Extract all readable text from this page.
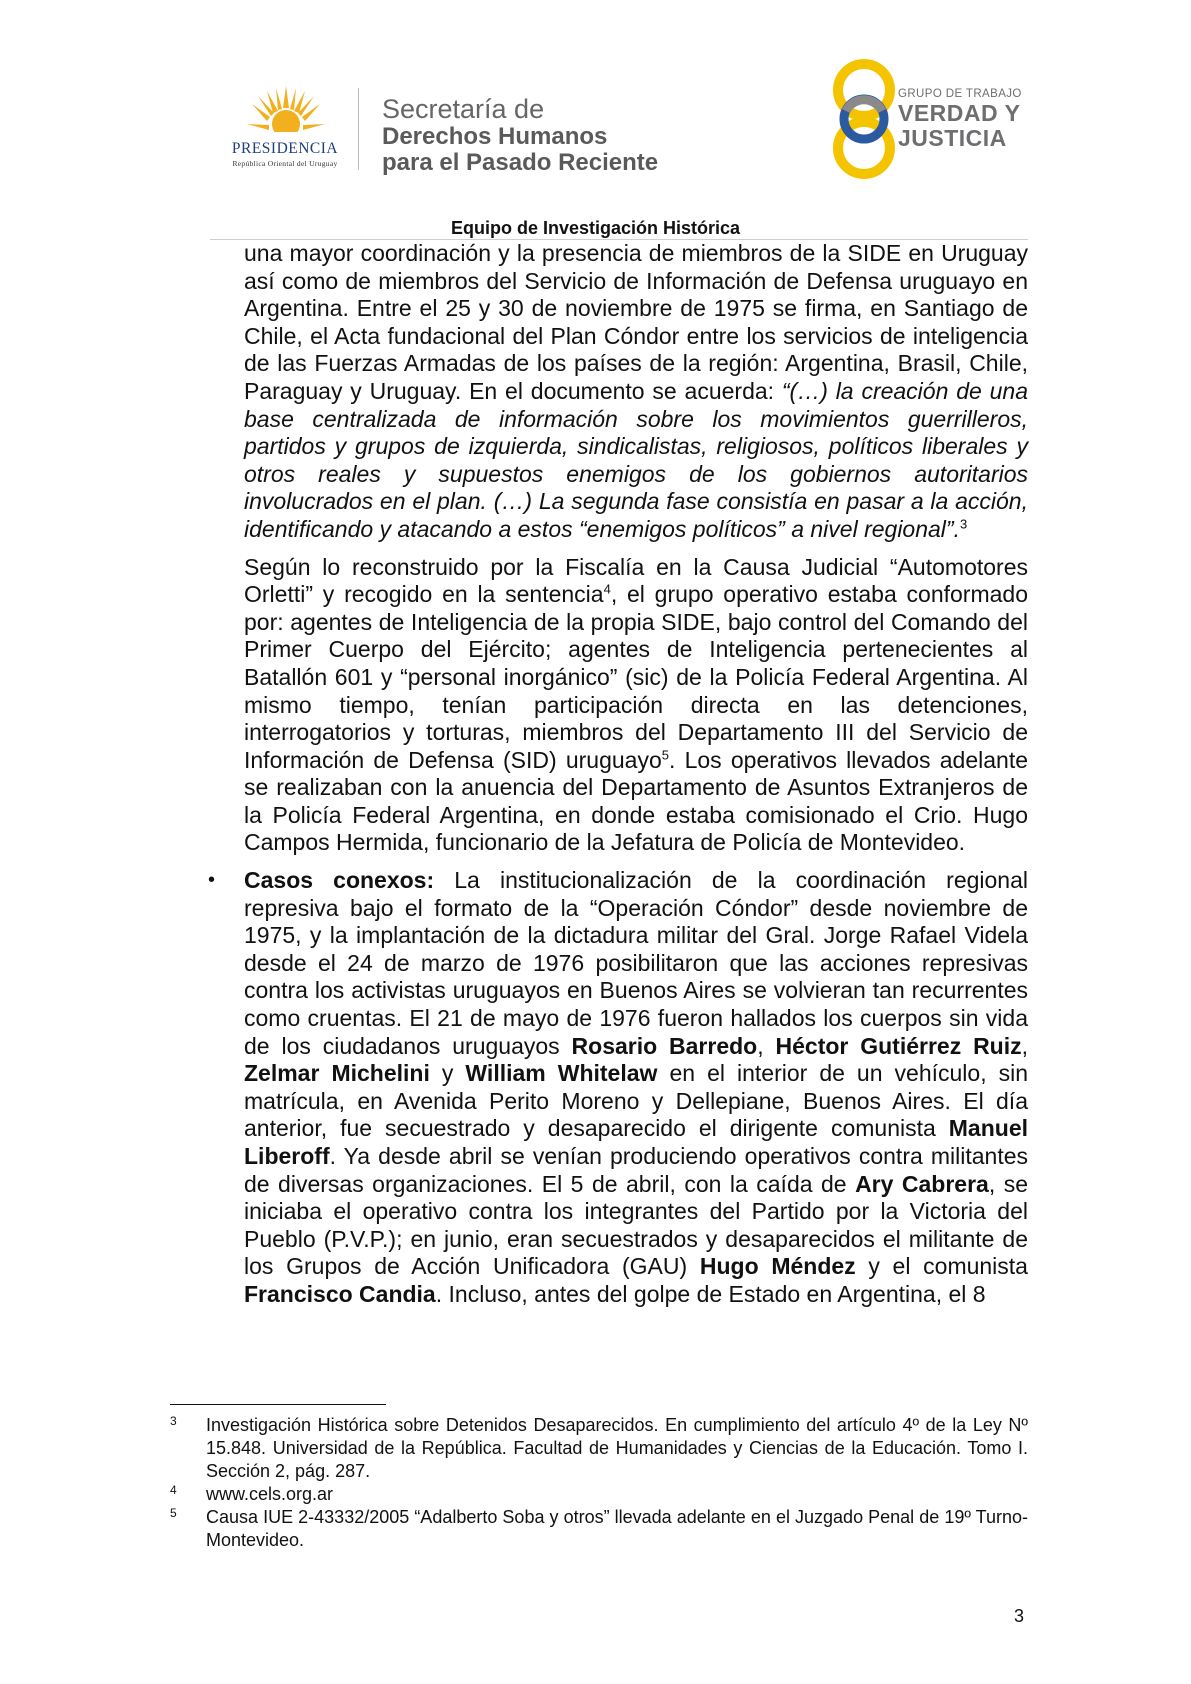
PRESIDENCIA
República Oriental del Uruguay
Secretaría de
Derechos Humanos
para el Pasado Reciente
GRUPO DE TRABAJO
VERDAD Y
JUSTICIA
Equipo de Investigación Histórica

una mayor coordinación y la presencia de miembros de la SIDE en Uruguay así como de miembros del Servicio de Información de Defensa uruguayo en Argentina. Entre el 25 y 30 de noviembre de 1975 se firma, en Santiago de Chile, el Acta fundacional del Plan Cóndor entre los servicios de inteligencia de las Fuerzas Armadas de los países de la región: Argentina, Brasil, Chile, Paraguay y Uruguay. En el documento se acuerda: “(…) la creación de una base centralizada de información sobre los movimientos guerrilleros, partidos y grupos de izquierda, sindicalistas, religiosos, políticos liberales y otros reales y supuestos enemigos de los gobiernos autoritarios involucrados en el plan. (…) La segunda fase consistía en pasar a la acción, identificando y atacando a estos “enemigos políticos” a nivel regional”.$^3$

Según lo reconstruido por la Fiscalía en la Causa Judicial “Automotores Orletti” y recogido en la sentencia$^4$, el grupo operativo estaba conformado por: agentes de Inteligencia de la propia SIDE, bajo control del Comando del Primer Cuerpo del Ejército; agentes de Inteligencia pertenecientes al Batallón 601 y “personal inorgánico” (sic) de la Policía Federal Argentina. Al mismo tiempo, tenían participación directa en las detenciones, interrogatorios y torturas, miembros del Departamento III del Servicio de Información de Defensa (SID) uruguayo$^5$. Los operativos llevados adelante se realizaban con la anuencia del Departamento de Asuntos Extranjeros de la Policía Federal Argentina, en donde estaba comisionado el Crio. Hugo Campos Hermida, funcionario de la Jefatura de Policía de Montevideo.

• Casos conexos: La institucionalización de la coordinación regional represiva bajo el formato de la “Operación Cóndor” desde noviembre de 1975, y la implantación de la dictadura militar del Gral. Jorge Rafael Videla desde el 24 de marzo de 1976 posibilitaron que las acciones represivas contra los activistas uruguayos en Buenos Aires se volvieran tan recurrentes como cruentas. El 21 de mayo de 1976 fueron hallados los cuerpos sin vida de los ciudadanos uruguayos Rosario Barredo, Héctor Gutiérrez Ruiz, Zelmar Michelini y William Whitelaw en el interior de un vehículo, sin matrícula, en Avenida Perito Moreno y Dellepiane, Buenos Aires. El día anterior, fue secuestrado y desaparecido el dirigente comunista Manuel Liberoff. Ya desde abril se venían produciendo operativos contra militantes de diversas organizaciones. El 5 de abril, con la caída de Ary Cabrera, se iniciaba el operativo contra los integrantes del Partido por la Victoria del Pueblo (P.V.P.); en junio, eran secuestrados y desaparecidos el militante de los Grupos de Acción Unificadora (GAU) Hugo Méndez y el comunista Francisco Candia. Incluso, antes del golpe de Estado en Argentina, el 8

3 Investigación Histórica sobre Detenidos Desaparecidos. En cumplimiento del artículo 4º de la Ley Nº 15.848. Universidad de la República. Facultad de Humanidades y Ciencias de la Educación. Tomo I. Sección 2, pág. 287.
4 www.cels.org.ar
5 Causa IUE 2-43332/2005 “Adalberto Soba y otros” llevada adelante en el Juzgado Penal de 19º Turno-Montevideo.
3
